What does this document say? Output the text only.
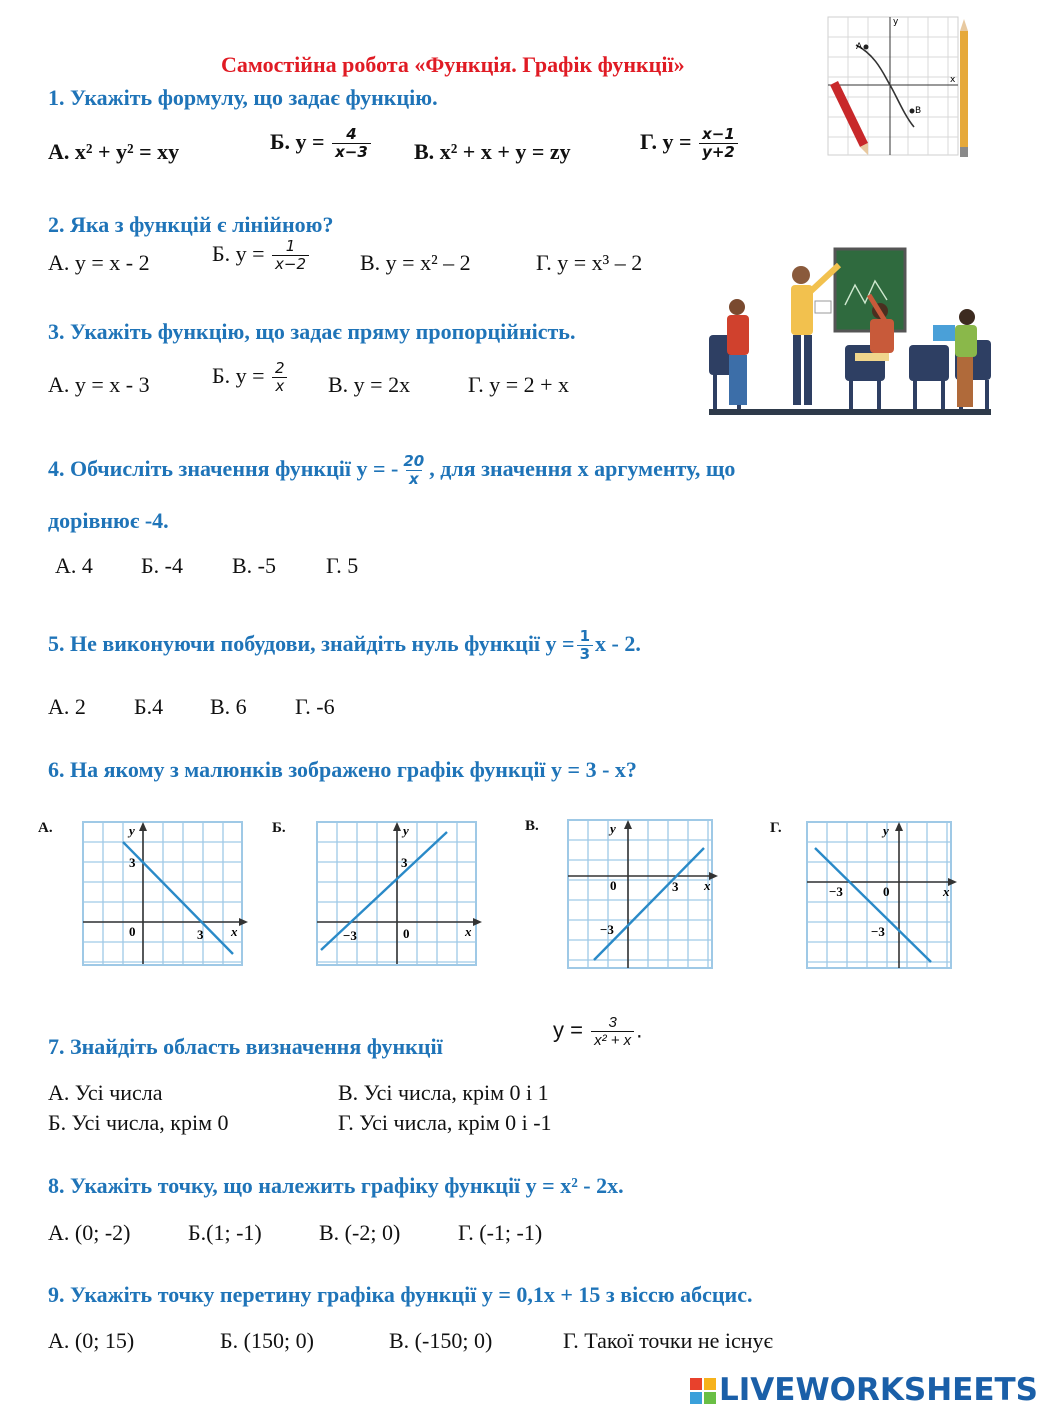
Самостійна робота «Функція. Графік функції»
A
B
y
x
1. Укажіть формулу, що задає функцію.
А. x² + y² = xy	Б. $y = \frac{4}{x-3} В$. x² + x + y = zy	Г. $y = \frac{x-1}{y+2}$
2. Яка з функцій є лінійною?
А. y = x - 2	Б. $y = \frac{1}{x-2} В$. y = x² – 2	Г. y = x³ – 2
3. Укажіть функцію, що задає пряму пропорційність.
А. y = x - 3	Б. $y = \frac{2}{x} В$. y = 2x	Г. y = 2 + x
4. Обчисліть значення функції y = - $\frac{20}{x}$ , для значення x аргументу, що
дорівнює -4.
А. 4 Б. -4 В. -5 Г. 5
5. Не виконуючи побудови, знайдіть нуль функції $y = \frac{1}{3}$ x - 2.
А. 2 Б.4 В. 6 Г. -6
6. На якому з малюнків зображено графік функції y = 3 - x?
А.	Б.	В.	Г.
y
x
0	3
3
y
x
0
−3
3
y
x
0	3
−3
y
x
0
−3
−3
7. Знайдіть область визначення функції
$y = \frac{3}{\text{x² + x}}$ .
А. Усі числа
Б. Усі числа, крім 0
В. Усі числа, крім 0 і 1
Г. Усі числа, крім 0 і -1
8. Укажіть точку, що належить графіку функції y = x² - 2x.
А. (0; -2)	Б.(1; -1)	В. (-2; 0)	Г. (-1; -1)
9. Укажіть точку перетину графіка функції y = 0,1x + 15 з віссю абсцис.
А. (0; 15)	Б. (150; 0)	В. (-150; 0)	Г. Такої точки не існує
LIVEWORKSHEETS
